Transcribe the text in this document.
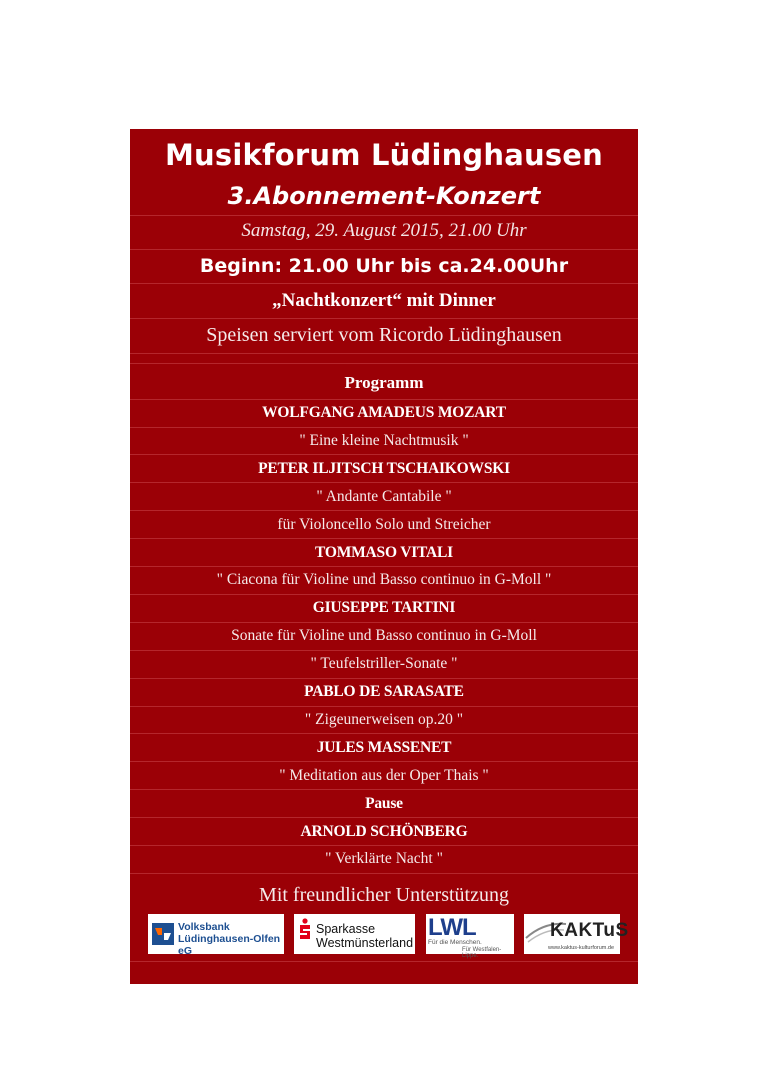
Musikforum Lüdinghausen
3.Abonnement-Konzert
Samstag, 29. August 2015, 21.00 Uhr
Beginn: 21.00 Uhr bis ca.24.00Uhr
„Nachtkonzert“ mit Dinner
Speisen serviert vom Ricordo Lüdinghausen
Programm
WOLFGANG AMADEUS MOZART
" Eine kleine Nachtmusik "
PETER ILJITSCH TSCHAIKOWSKI
" Andante Cantabile "
für Violoncello Solo und Streicher
TOMMASO VITALI
" Ciacona für Violine und Basso continuo in G-Moll "
GIUSEPPE TARTINI
Sonate für Violine und Basso continuo in G-Moll
" Teufelstriller-Sonate "
PABLO DE SARASATE
" Zigeunerweisen op.20 "
JULES MASSENET
" Meditation aus der Oper Thais "
Pause
ARNOLD SCHÖNBERG
" Verklärte Nacht "
Mit freundlicher Unterstützung
Volksbank
Lüdinghausen-Olfen eG
Sparkasse
Westmünsterland
LWL
Für die Menschen.
Für Westfalen-Lippe.
KAKTuS
www.kaktus-kulturforum.de
